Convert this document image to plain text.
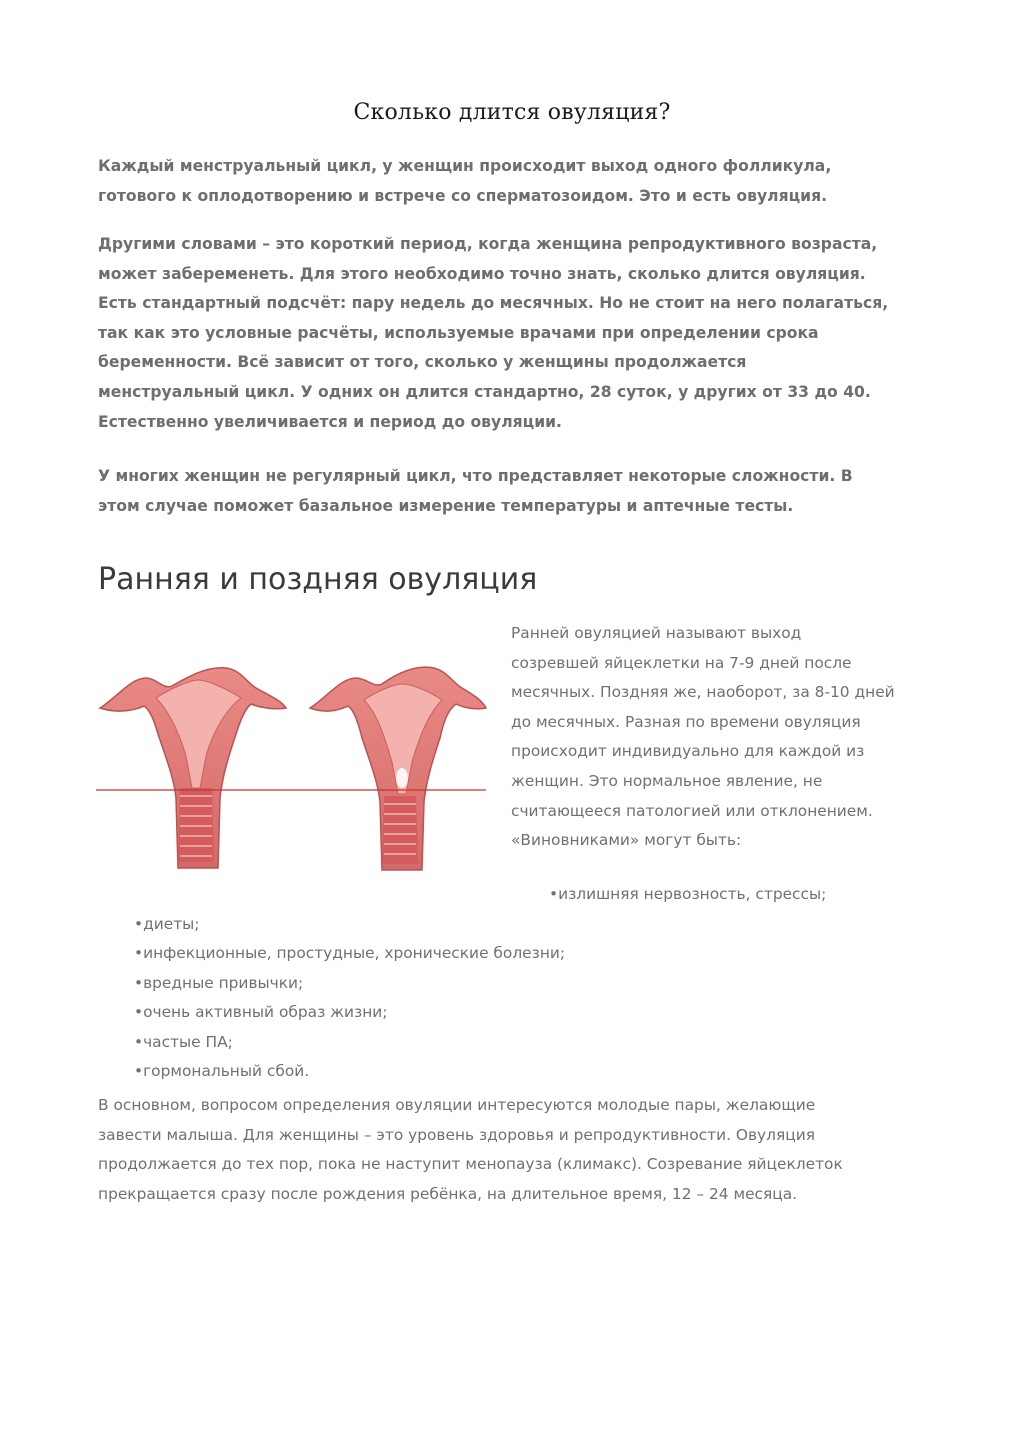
Сколько длится овуляция?

Каждый менструальный цикл, у женщин происходит выход одного фолликула,
готового к оплодотворению и встрече со сперматозоидом. Это и есть овуляция.

Другими словами – это короткий период, когда женщина репродуктивного возраста,
может забеременеть. Для этого необходимо точно знать, сколько длится овуляция.
Есть стандартный подсчёт: пару недель до месячных. Но не стоит на него полагаться,
так как это условные расчёты, используемые врачами при определении срока
беременности. Всё зависит от того, сколько у женщины продолжается
менструальный цикл. У одних он длится стандартно, 28 суток, у других от 33 до 40.
Естественно увеличивается и период до овуляции.

У многих женщин не регулярный цикл, что представляет некоторые сложности. В
этом случае поможет базальное измерение температуры и аптечные тесты.

Ранняя и поздняя овуляция

Ранней овуляцией называют выход
созревшей яйцеклетки на 7-9 дней после
месячных. Поздняя же, наоборот, за 8-10 дней
до месячных. Разная по времени овуляция
происходит индивидуально для каждой из
женщин. Это нормальное явление, не
считающееся патологией или отклонением.
«Виновниками» могут быть:

•излишняя нервозность, стрессы;
•диеты;
•инфекционные, простудные, хронические болезни;
•вредные привычки;
•очень активный образ жизни;
•частые ПА;
•гормональный сбой.

В основном, вопросом определения овуляции интересуются молодые пары, желающие
завести малыша. Для женщины – это уровень здоровья и репродуктивности. Овуляция
продолжается до тех пор, пока не наступит менопауза (климакс). Созревание яйцеклеток
прекращается сразу после рождения ребёнка, на длительное время, 12 – 24 месяца.
